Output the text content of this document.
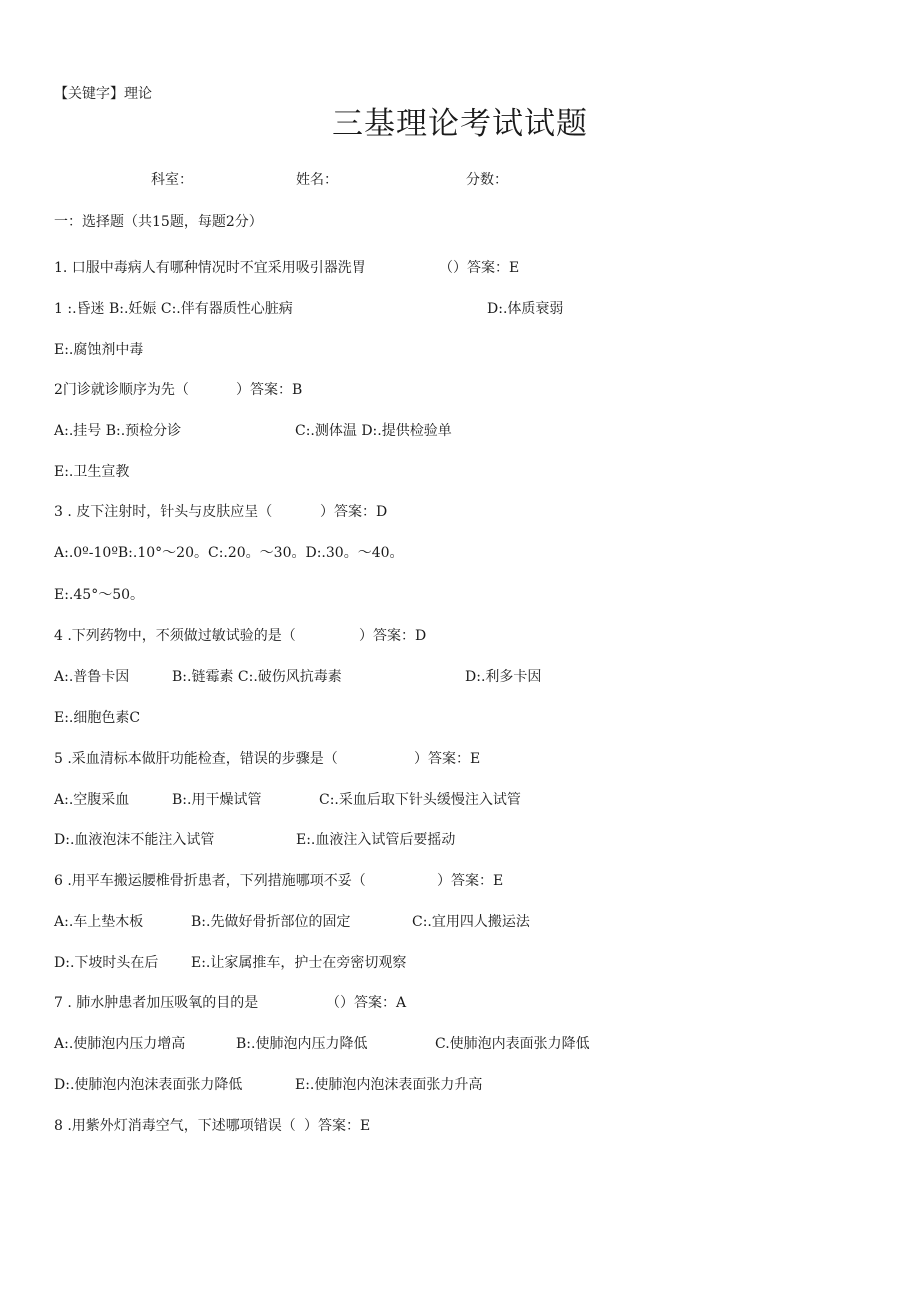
【关键字】理论
三基理论考试试题
科室：	姓名：	分数：
一：选择题（共15题，每题2分）
1. 口服中毒病人有哪种情况时不宜采用吸引器洗胃	（）答案：E
1 :.昏迷 B:.妊娠 C:.伴有器质性心脏病	D:.体质衰弱
E:.腐蚀剂中毒
2门诊就诊顺序为先（	）答案：B
A:.挂号 B:.预检分诊	C:.测体温 D:.提供检验单
E:.卫生宣教
3 . 皮下注射时，针头与皮肤应呈（	）答案：D
A:.0º-10ºB:.10°～20。C:.20。～30。D:.30。～40。
E:.45°～50。
4 .下列药物中，不须做过敏试验的是（	）答案：D
A:.普鲁卡因	B:.链霉素 C:.破伤风抗毒素	D:.利多卡因
E:.细胞色素C
5 .采血清标本做肝功能检查，错误的步骤是（	）答案：E
A:.空腹采血	B:.用干燥试管	C:.采血后取下针头缓慢注入试管
D:.血液泡沫不能注入试管	E:.血液注入试管后要摇动
6 .用平车搬运腰椎骨折患者，下列措施哪项不妥（	）答案：E
A:.车上垫木板	B:.先做好骨折部位的固定	C:.宜用四人搬运法
D:.下坡时头在后 E:.让家属推车，护士在旁密切观察
7 . 肺水肿患者加压吸氧的目的是	（）答案：A
A:.使肺泡内压力增高	B:.使肺泡内压力降低	C.使肺泡内表面张力降低
D:.使肺泡内泡沫表面张力降低	E:.使肺泡内泡沫表面张力升高
8 .用紫外灯消毒空气，下述哪项错误（ ）答案：E
